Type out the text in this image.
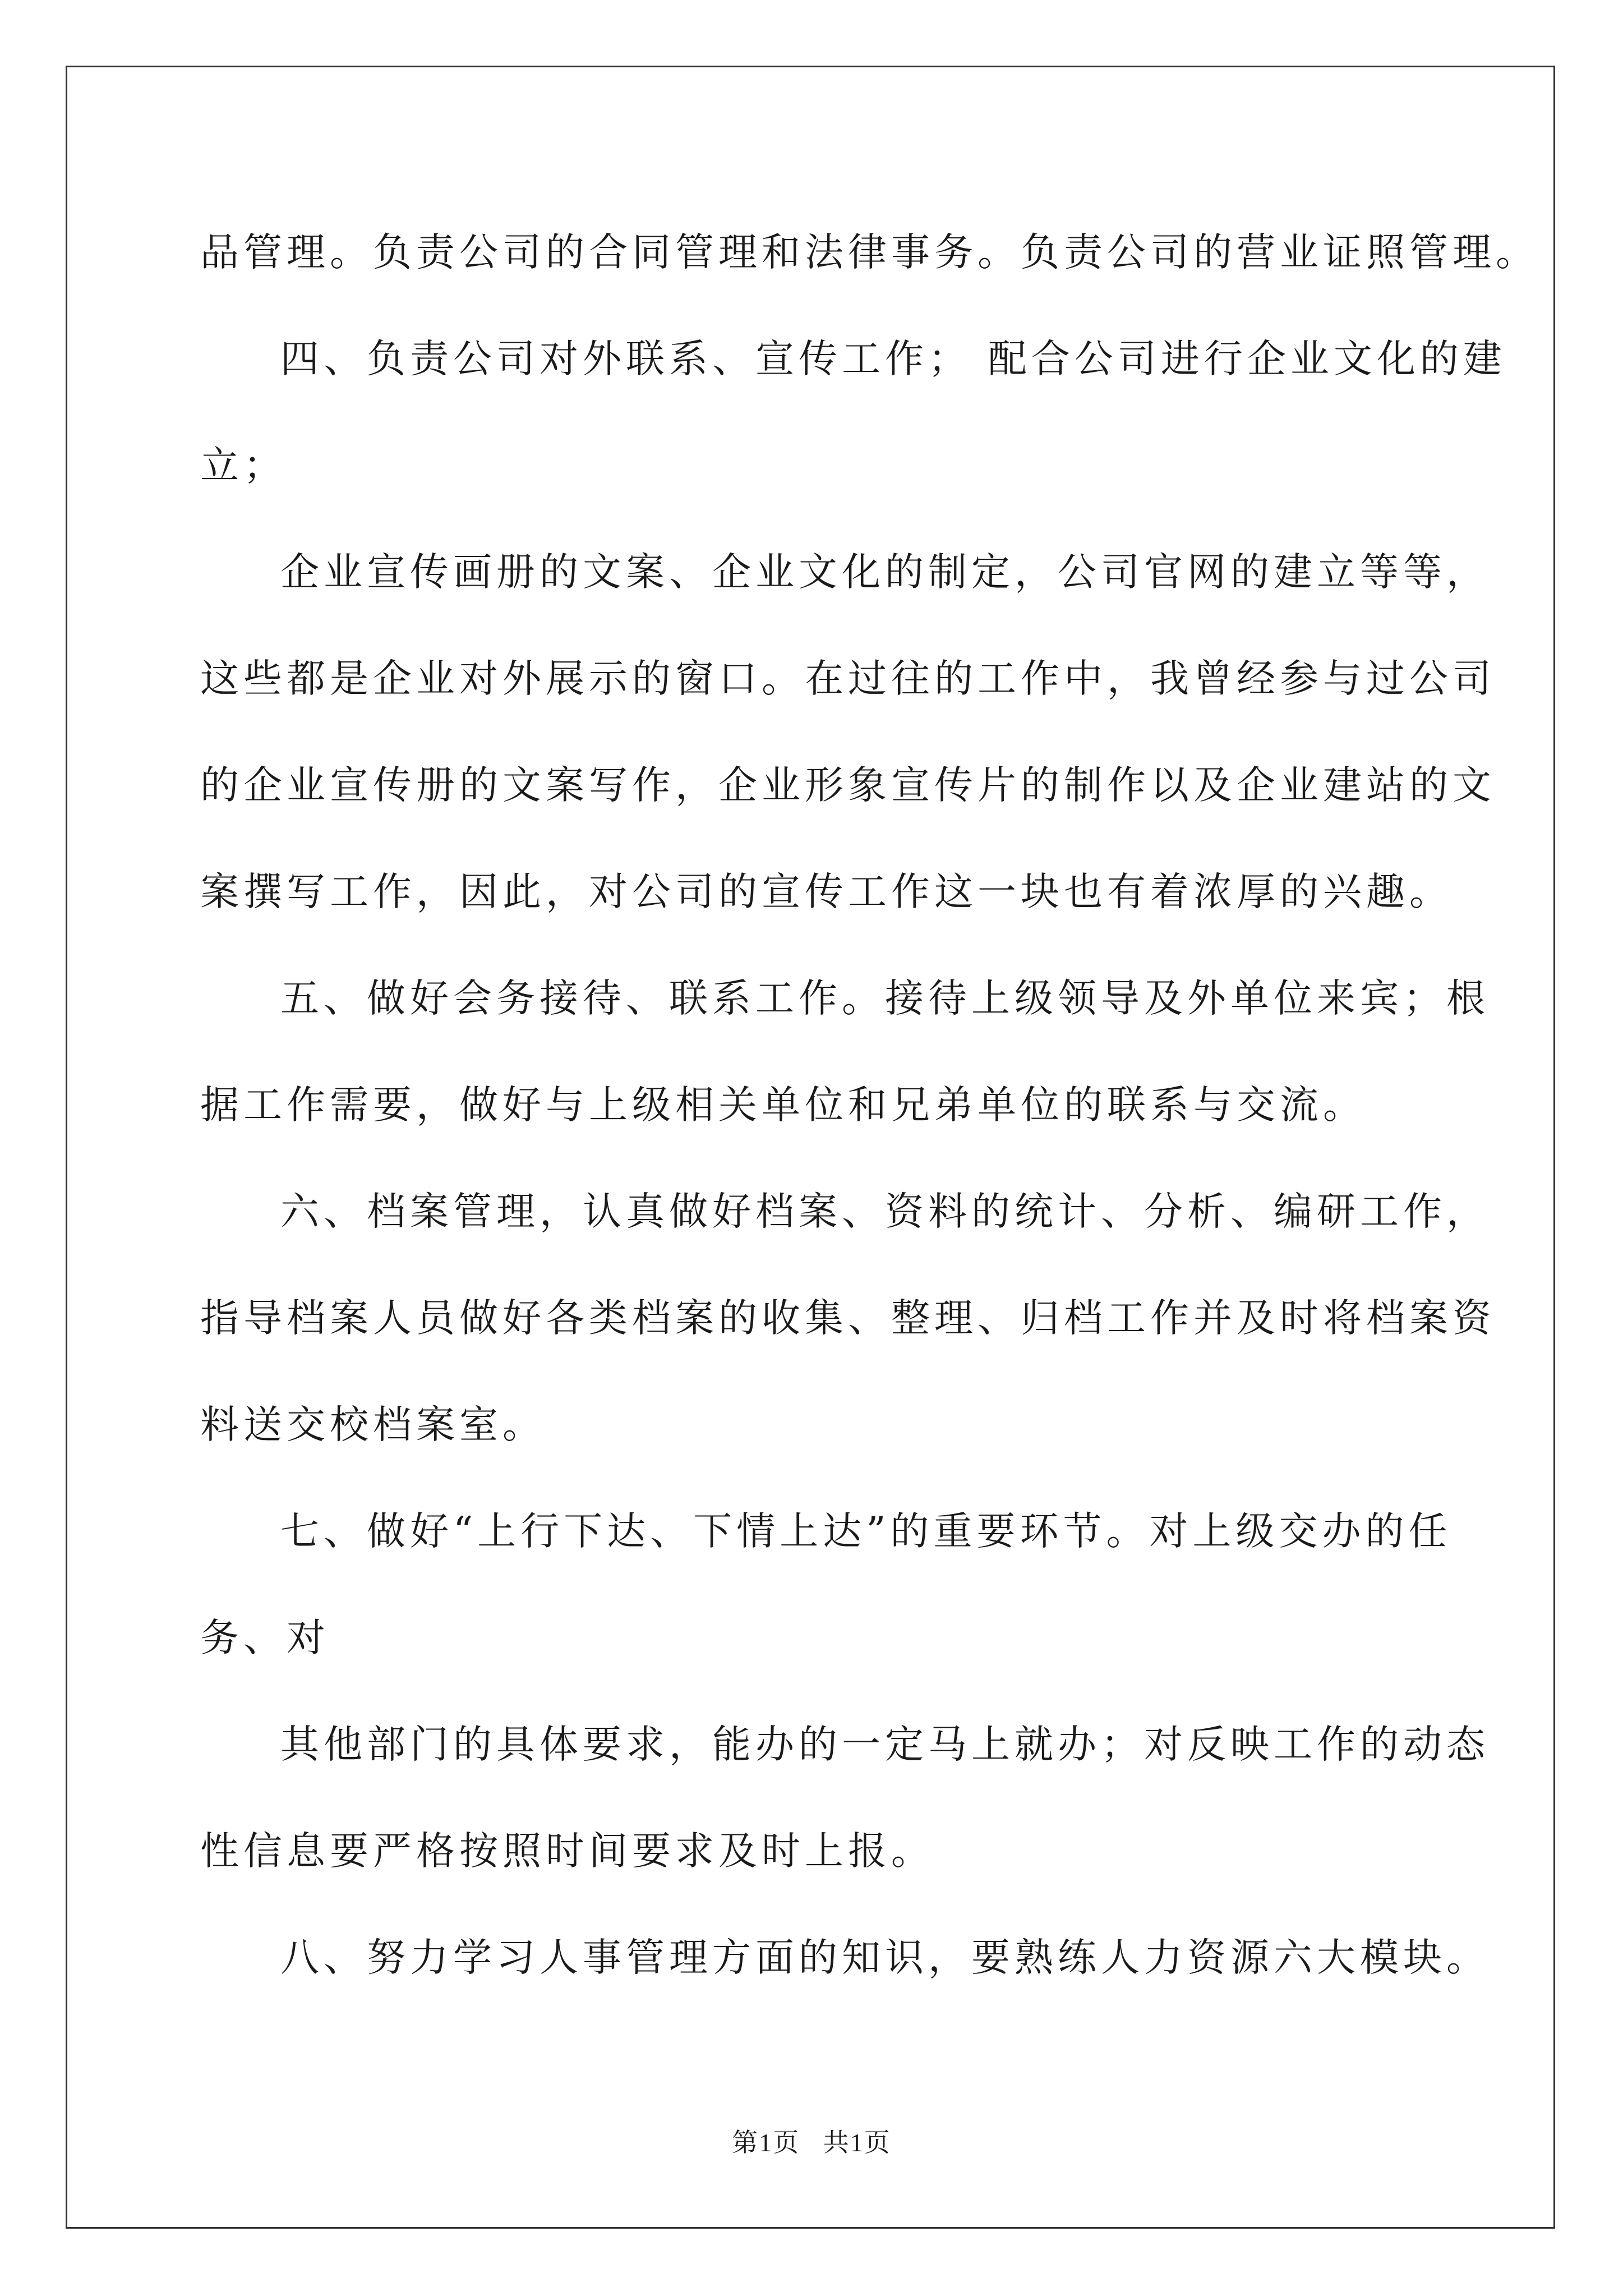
品管理。负责公司的合同管理和法律事务。负责公司的营业证照管理。
四、负责公司对外联系、宣传工作； 配合公司进行企业文化的建
立；
企业宣传画册的文案、企业文化的制定，公司官网的建立等等，
这些都是企业对外展示的窗口。在过往的工作中，我曾经参与过公司
的企业宣传册的文案写作，企业形象宣传片的制作以及企业建站的文
案撰写工作，因此，对公司的宣传工作这一块也有着浓厚的兴趣。
五、做好会务接待、联系工作。接待上级领导及外单位来宾；根
据工作需要，做好与上级相关单位和兄弟单位的联系与交流。
六、档案管理，认真做好档案、资料的统计、分析、编研工作，
指导档案人员做好各类档案的收集、整理、归档工作并及时将档案资
料送交校档案室。
七、做好“上行下达、下情上达”的重要环节。对上级交办的任
务、对
其他部门的具体要求，能办的一定马上就办；对反映工作的动态
性信息要严格按照时间要求及时上报。
八、努力学习人事管理方面的知识，要熟练人力资源六大模块。
第1页 共1页
